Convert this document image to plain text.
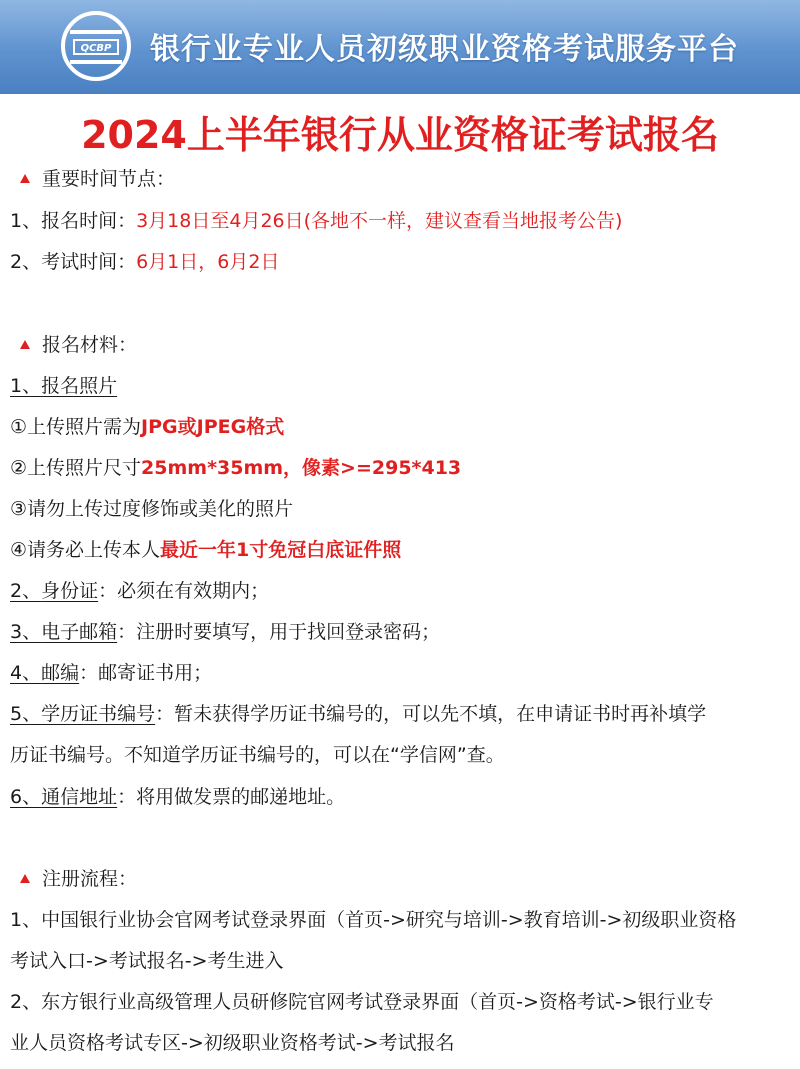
QCBP 银行业专业人员初级职业资格考试服务平台
2024上半年银行从业资格证考试报名
重要时间节点：
1、报名时间：3月18日至4月26日(各地不一样，建议查看当地报考公告)
2、考试时间：6月1日，6月2日
报名材料：
1、报名照片
①上传照片需为JPG或JPEG格式
②上传照片尺寸25mm*35mm，像素>=295*413
③请勿上传过度修饰或美化的照片
④请务必上传本人最近一年1寸免冠白底证件照
2、身份证：必须在有效期内；
3、电子邮箱：注册时要填写，用于找回登录密码；
4、邮编：邮寄证书用；
5、学历证书编号：暂未获得学历证书编号的，可以先不填，在申请证书时再补填学
历证书编号。不知道学历证书编号的，可以在“学信网”查。
6、通信地址：将用做发票的邮递地址。
注册流程：
1、中国银行业协会官网考试登录界面（首页->研究与培训->教育培训->初级职业资格
考试入口->考试报名->考生进入
2、东方银行业高级管理人员研修院官网考试登录界面（首页->资格考试->银行业专
业人员资格考试专区->初级职业资格考试->考试报名
